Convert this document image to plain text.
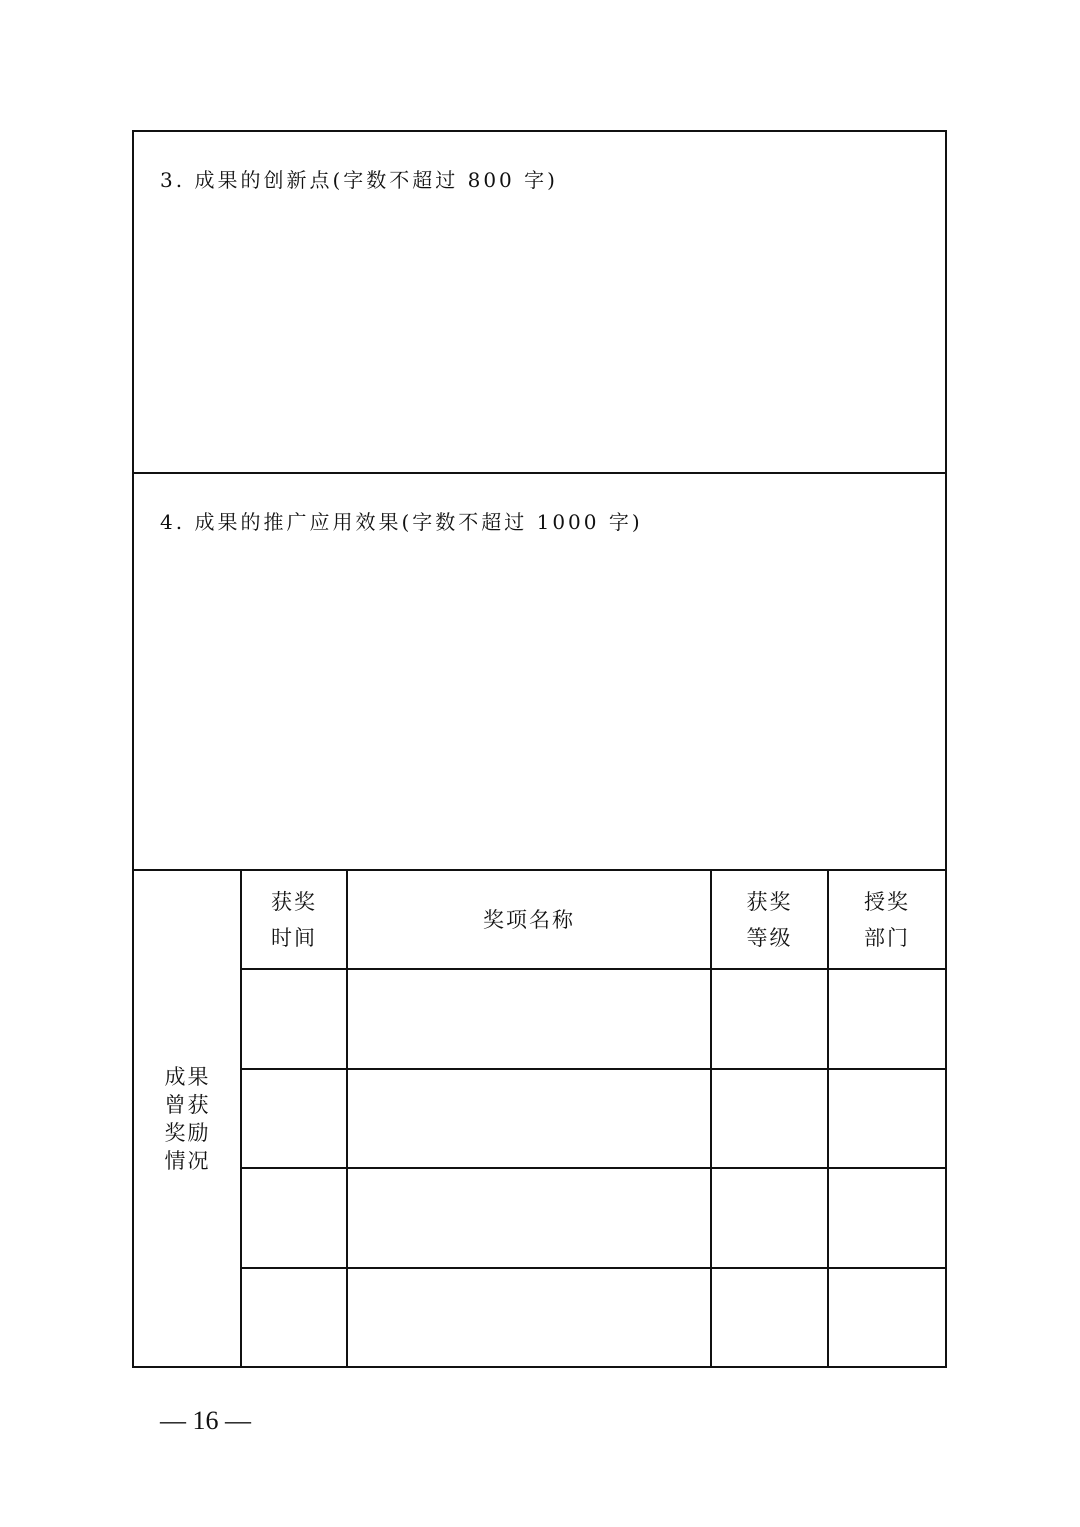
3. 成果的创新点(字数不超过 800 字)
4. 成果的推广应用效果(字数不超过 1000 字)
成果曾获奖励情况
获奖时间
奖项名称
获奖等级
授奖部门
— 16 —
